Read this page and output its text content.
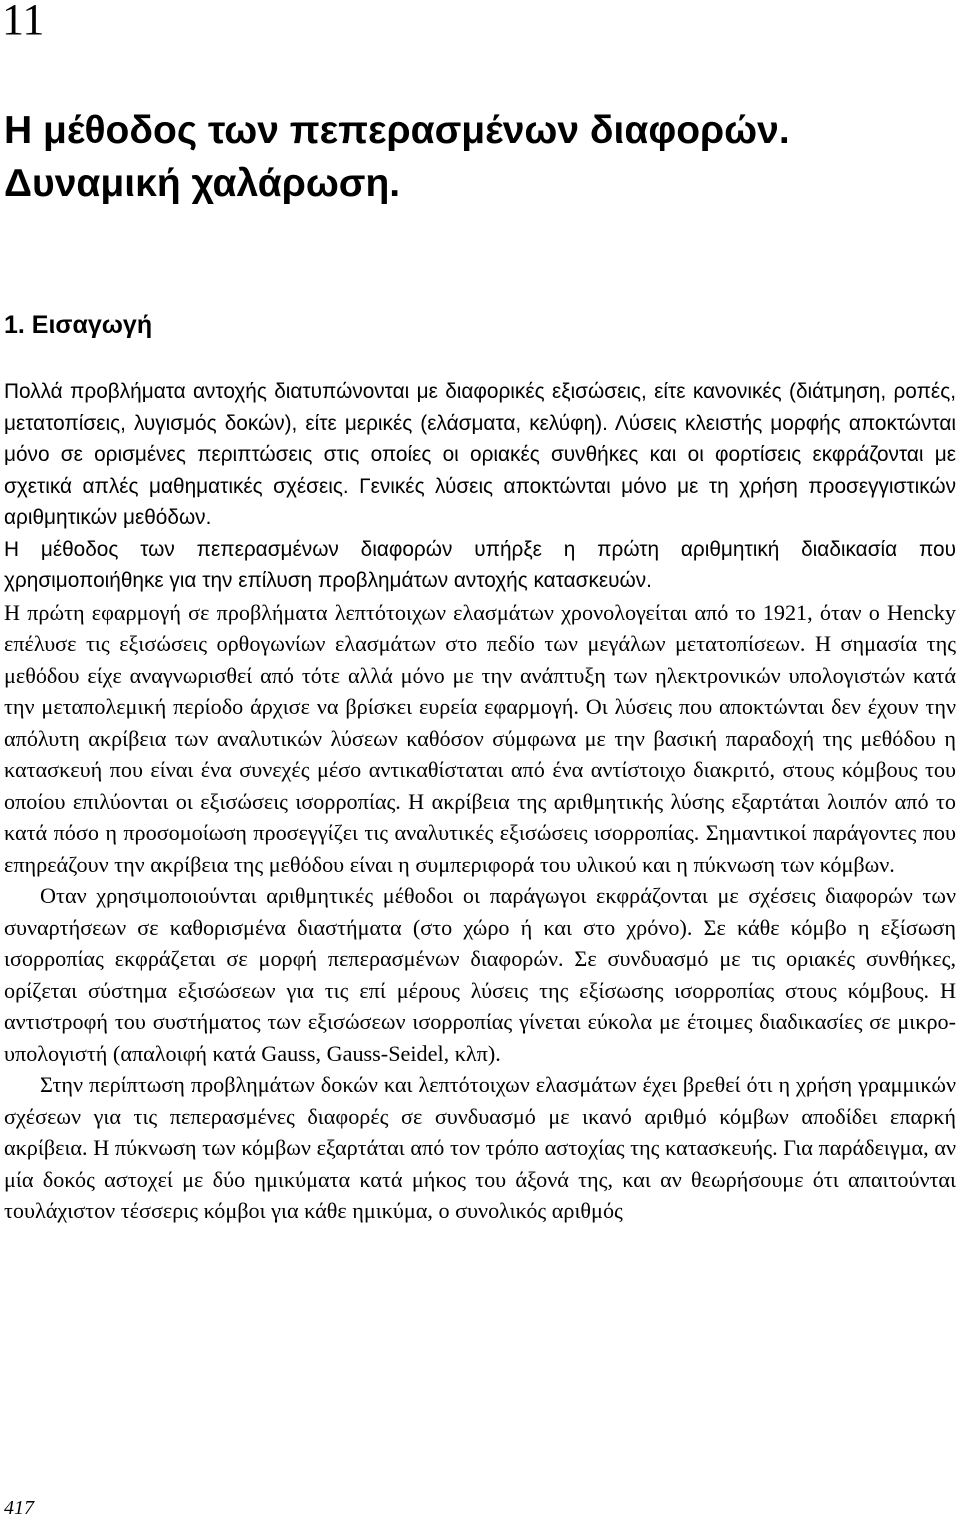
11
Η μέθοδος των πεπερασμένων διαφορών. Δυναμική χαλάρωση.
1. Εισαγωγή

Πολλά προβλήματα αντοχής διατυπώνονται με διαφορικές εξισώσεις, είτε κανονικές (διάτμηση, ροπές, μετατοπίσεις, λυγισμός δοκών), είτε μερικές (ελάσματα, κελύφη). Λύσεις κλειστής μορφής αποκτώνται μόνο σε ορισμένες περιπτώσεις στις οποίες οι οριακές συνθήκες και οι φορτίσεις εκφράζονται με σχετικά απλές μαθηματικές σχέσεις. Γενικές λύσεις αποκτώνται μόνο με τη χρήση προσεγγιστικών αριθμητικών μεθόδων.

Η μέθοδος των πεπερασμένων διαφορών υπήρξε η πρώτη αριθμητική διαδικασία που χρησιμοποιήθηκε για την επίλυση προβλημάτων αντοχής κατασκευών.

Η πρώτη εφαρμογή σε προβλήματα λεπτότοιχων ελασμάτων χρονολογείται από το 1921, όταν ο Hencky επέλυσε τις εξισώσεις ορθογωνίων ελασμάτων στο πεδίο των μεγάλων μετατοπίσεων. Η σημασία της μεθόδου είχε αναγνωρισθεί από τότε αλλά μόνο με την ανάπτυξη των ηλεκτρονικών υπολογιστών κατά την μεταπολεμική περίοδο άρχισε να βρίσκει ευρεία εφαρμογή. Οι λύσεις που αποκτώνται δεν έχουν την απόλυτη ακρίβεια των αναλυτικών λύσεων καθόσον σύμφωνα με την βασική παραδοχή της μεθόδου η κατασκευή που είναι ένα συνεχές μέσο αντικαθίσταται από ένα αντίστοιχο διακριτό, στους κόμβους του οποίου επιλύονται οι εξισώσεις ισορροπίας. Η ακρίβεια της αριθμητικής λύσης εξαρτάται λοιπόν από το κατά πόσο η προσομοίωση προσεγγίζει τις αναλυτικές εξισώσεις ισορροπίας. Σημαντικοί παράγοντες που επηρεάζουν την ακρίβεια της μεθόδου είναι η συμπεριφορά του υλικού και η πύκνωση των κόμβων.

Οταν χρησιμοποιούνται αριθμητικές μέθοδοι οι παράγωγοι εκφράζονται με σχέσεις διαφορών των συναρτήσεων σε καθορισμένα διαστήματα (στο χώρο ή και στο χρόνο). Σε κάθε κόμβο η εξίσωση ισορροπίας εκφράζεται σε μορφή πεπερασμένων διαφορών. Σε συνδυασμό με τις οριακές συνθήκες, ορίζεται σύστημα εξισώσεων για τις επί μέρους λύσεις της εξίσωσης ισορροπίας στους κόμβους. Η αντιστροφή του συστήματος των εξισώσεων ισορροπίας γίνεται εύκολα με έτοιμες διαδικασίες σε μικρο-υπολογιστή (απαλοιφή κατά Gauss, Gauss-Seidel, κλπ).

Στην περίπτωση προβλημάτων δοκών και λεπτότοιχων ελασμάτων έχει βρεθεί ότι η χρήση γραμμικών σχέσεων για τις πεπερασμένες διαφορές σε συνδυασμό με ικανό αριθμό κόμβων αποδίδει επαρκή ακρίβεια. Η πύκνωση των κόμβων εξαρτάται από τον τρόπο αστοχίας της κατασκευής. Για παράδειγμα, αν μία δοκός αστοχεί με δύο ημικύματα κατά μήκος του άξονά της, και αν θεωρήσουμε ότι απαιτούνται τουλάχιστον τέσσερις κόμβοι για κάθε ημικύμα, ο συνολικός αριθμός

417
